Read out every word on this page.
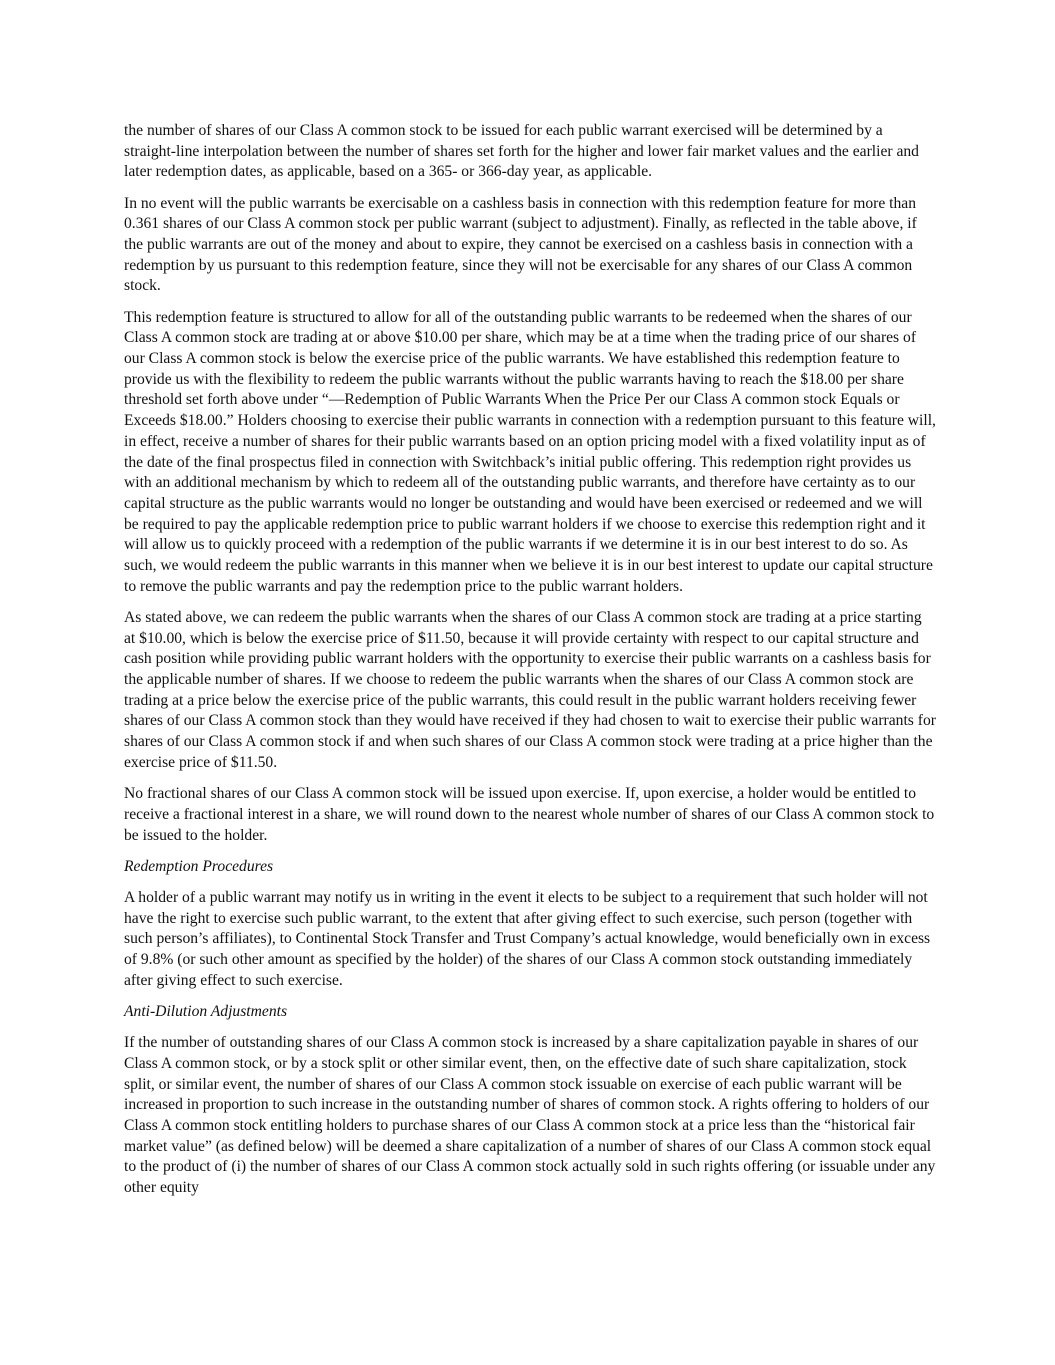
the number of shares of our Class A common stock to be issued for each public warrant exercised will be determined by a straight-line interpolation between the number of shares set forth for the higher and lower fair market values and the earlier and later redemption dates, as applicable, based on a 365- or 366-day year, as applicable.

In no event will the public warrants be exercisable on a cashless basis in connection with this redemption feature for more than 0.361 shares of our Class A common stock per public warrant (subject to adjustment). Finally, as reflected in the table above, if the public warrants are out of the money and about to expire, they cannot be exercised on a cashless basis in connection with a redemption by us pursuant to this redemption feature, since they will not be exercisable for any shares of our Class A common stock.

This redemption feature is structured to allow for all of the outstanding public warrants to be redeemed when the shares of our Class A common stock are trading at or above $10.00 per share, which may be at a time when the trading price of our shares of our Class A common stock is below the exercise price of the public warrants. We have established this redemption feature to provide us with the flexibility to redeem the public warrants without the public warrants having to reach the $18.00 per share threshold set forth above under “—Redemption of Public Warrants When the Price Per our Class A common stock Equals or Exceeds $18.00.” Holders choosing to exercise their public warrants in connection with a redemption pursuant to this feature will, in effect, receive a number of shares for their public warrants based on an option pricing model with a fixed volatility input as of the date of the final prospectus filed in connection with Switchback’s initial public offering. This redemption right provides us with an additional mechanism by which to redeem all of the outstanding public warrants, and therefore have certainty as to our capital structure as the public warrants would no longer be outstanding and would have been exercised or redeemed and we will be required to pay the applicable redemption price to public warrant holders if we choose to exercise this redemption right and it will allow us to quickly proceed with a redemption of the public warrants if we determine it is in our best interest to do so. As such, we would redeem the public warrants in this manner when we believe it is in our best interest to update our capital structure to remove the public warrants and pay the redemption price to the public warrant holders.

As stated above, we can redeem the public warrants when the shares of our Class A common stock are trading at a price starting at $10.00, which is below the exercise price of $11.50, because it will provide certainty with respect to our capital structure and cash position while providing public warrant holders with the opportunity to exercise their public warrants on a cashless basis for the applicable number of shares. If we choose to redeem the public warrants when the shares of our Class A common stock are trading at a price below the exercise price of the public warrants, this could result in the public warrant holders receiving fewer shares of our Class A common stock than they would have received if they had chosen to wait to exercise their public warrants for shares of our Class A common stock if and when such shares of our Class A common stock were trading at a price higher than the exercise price of $11.50.

No fractional shares of our Class A common stock will be issued upon exercise. If, upon exercise, a holder would be entitled to receive a fractional interest in a share, we will round down to the nearest whole number of shares of our Class A common stock to be issued to the holder.

Redemption Procedures

A holder of a public warrant may notify us in writing in the event it elects to be subject to a requirement that such holder will not have the right to exercise such public warrant, to the extent that after giving effect to such exercise, such person (together with such person’s affiliates), to Continental Stock Transfer and Trust Company’s actual knowledge, would beneficially own in excess of 9.8% (or such other amount as specified by the holder) of the shares of our Class A common stock outstanding immediately after giving effect to such exercise.

Anti-Dilution Adjustments

If the number of outstanding shares of our Class A common stock is increased by a share capitalization payable in shares of our Class A common stock, or by a stock split or other similar event, then, on the effective date of such share capitalization, stock split, or similar event, the number of shares of our Class A common stock issuable on exercise of each public warrant will be increased in proportion to such increase in the outstanding number of shares of common stock. A rights offering to holders of our Class A common stock entitling holders to purchase shares of our Class A common stock at a price less than the “historical fair market value” (as defined below) will be deemed a share capitalization of a number of shares of our Class A common stock equal to the product of (i) the number of shares of our Class A common stock actually sold in such rights offering (or issuable under any other equity
